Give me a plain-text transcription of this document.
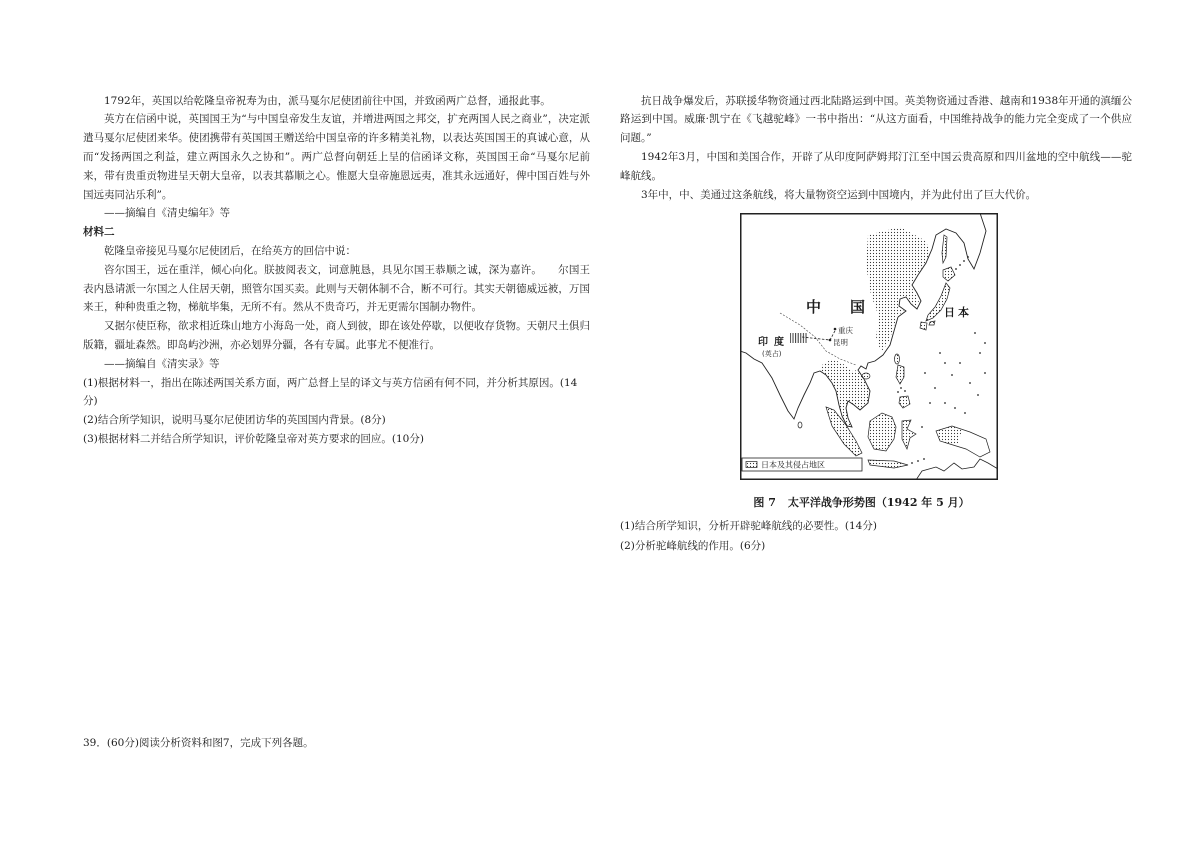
1792年，英国以给乾隆皇帝祝寿为由，派马戛尔尼使团前往中国，并致函两广总督，通报此事。

英方在信函中说，英国国王为“与中国皇帝发生友谊，并增进两国之邦交，扩充两国人民之商业”，决定派遣马戛尔尼使团来华。使团携带有英国国王赠送给中国皇帝的许多精美礼物，以表达英国国王的真诚心意，从而“发扬两国之利益，建立两国永久之协和”。两广总督向朝廷上呈的信函译文称，英国国王命“马戛尔尼前来，带有贵重贡物进呈天朝大皇帝，以表其慕顺之心。惟愿大皇帝施恩远夷，准其永远通好，俾中国百姓与外国远夷同沾乐利”。

——摘编自《清史编年》等

材料二

乾隆皇帝接见马戛尔尼使团后，在给英方的回信中说：

咨尔国王，远在重洋，倾心向化。朕披阅表文，词意肫恳，具见尔国王恭顺之诚，深为嘉许。　　尔国王表内恳请派一尔国之人住居天朝，照管尔国买卖。此则与天朝体制不合，断不可行。其实天朝德威远被，万国来王，种种贵重之物，梯航毕集，无所不有。然从不贵奇巧，并无更需尔国制办物件。

又据尔使臣称，欲求相近珠山地方小海岛一处，商人到彼，即在该处停歇，以便收存货物。天朝尺土俱归版籍，疆址森然。即岛屿沙洲，亦必划界分疆，各有专属。此事尤不便准行。

——摘编自《清实录》等

(1)根据材料一，指出在陈述两国关系方面，两广总督上呈的译文与英方信函有何不同，并分析其原因。(14分)

(2)结合所学知识，说明马戛尔尼使团访华的英国国内背景。(8分)

(3)根据材料二并结合所学知识，评价乾隆皇帝对英方要求的回应。(10分)

抗日战争爆发后，苏联援华物资通过西北陆路运到中国。英美物资通过香港、越南和1938年开通的滇缅公路运到中国。威廉·凯宁在《飞越驼峰》一书中指出：“从这方面看，中国维持战争的能力完全变成了一个供应问题。”

1942年3月，中国和美国合作，开辟了从印度阿萨姆邦汀江至中国云贵高原和四川盆地的空中航线——驼峰航线。

3年中，中、美通过这条航线，将大量物资空运到中国境内，并为此付出了巨大代价。

中国	日本
重庆
昆明
印度
(英占)
日本及其侵占地区
图 7 太平洋战争形势图（1942 年 5 月）

(1)结合所学知识，分析开辟驼峰航线的必要性。(14分)

(2)分析驼峰航线的作用。(6分)

39．(60分)阅读分析资料和图7，完成下列各题。
